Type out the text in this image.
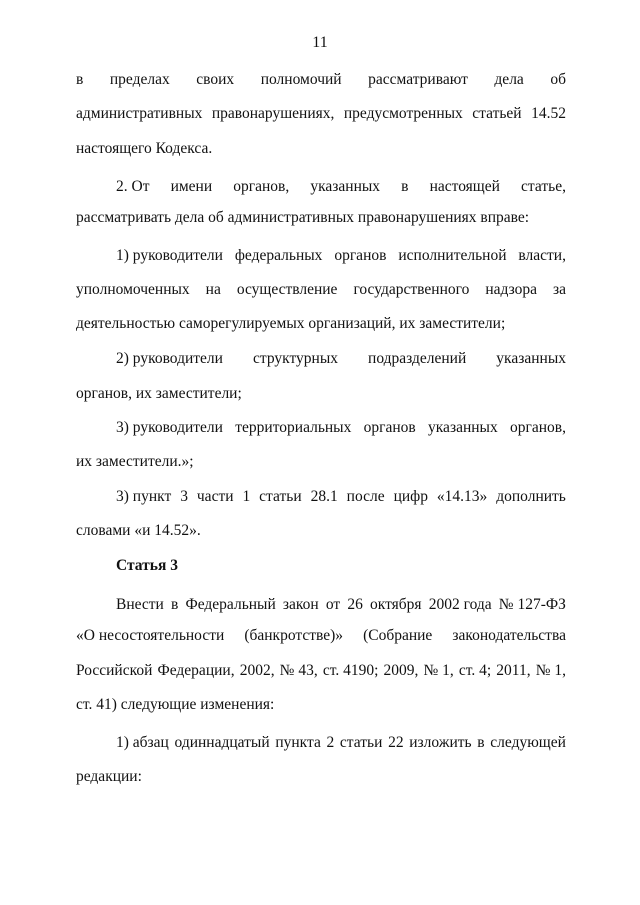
11
в пределах своих полномочий рассматривают дела об
административных правонарушениях, предусмотренных статьей 14.52
настоящего Кодекса.
2. От имени органов, указанных в настоящей статье,
рассматривать дела об административных правонарушениях вправе:
1) руководители федеральных органов исполнительной власти,
уполномоченных на осуществление государственного надзора за
деятельностью саморегулируемых организаций, их заместители;
2) руководители структурных подразделений указанных
органов, их заместители;
3) руководители территориальных органов указанных органов,
их заместители.»;
3) пункт 3 части 1 статьи 28.1 после цифр «14.13» дополнить
словами «и 14.52».
Статья 3
Внести в Федеральный закон от 26 октября 2002 года № 127-ФЗ
«О несостоятельности (банкротстве)» (Собрание законодательства
Российской Федерации, 2002, № 43, ст. 4190; 2009, № 1, ст. 4; 2011, № 1,
ст. 41) следующие изменения:
1) абзац одиннадцатый пункта 2 статьи 22 изложить в следующей
редакции:
